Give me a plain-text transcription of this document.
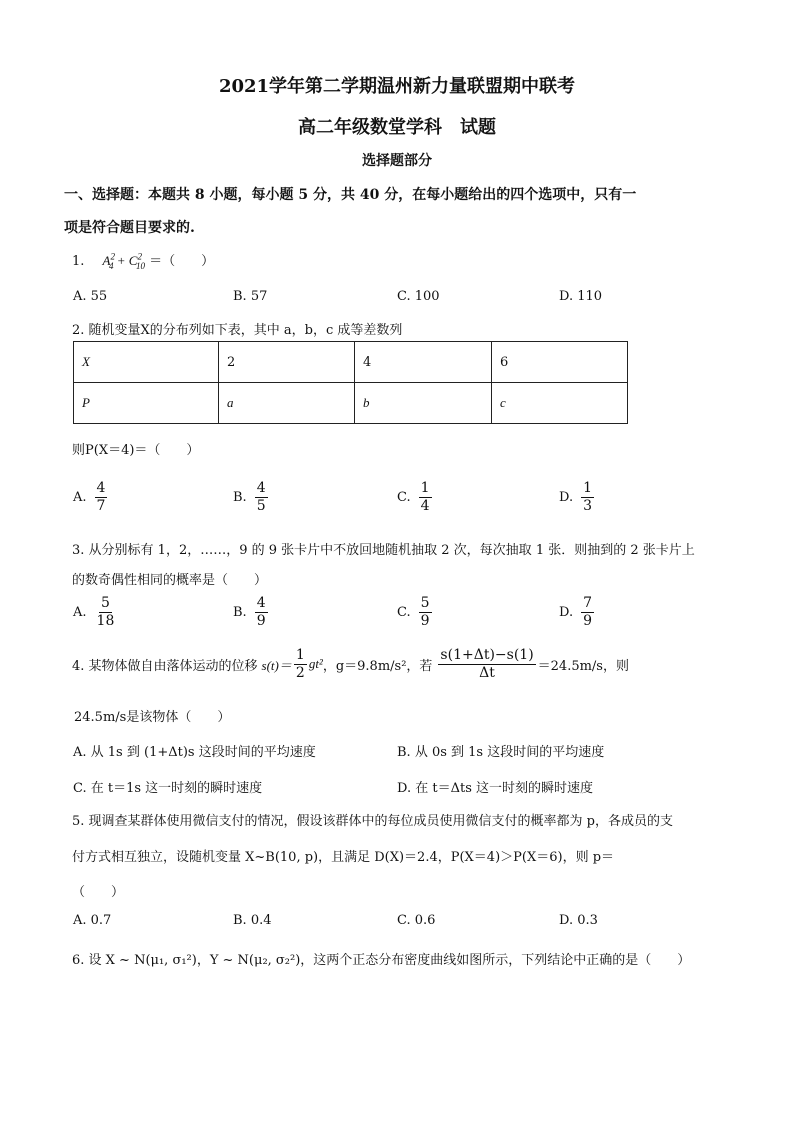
2021学年第二学期温州新力量联盟期中联考
高二年级数堂学科　试题
选择题部分
一、选择题：本题共 8 小题，每小题 5 分，共 40 分，在每小题给出的四个选项中，只有一
项是符合题目要求的.
1. $A^2_4 + C^2_{10}$ ＝（　　）
A. 55	B. 57	C. 100	D. 110
2. 随机变量X的分布列如下表，其中 a，b，c 成等差数列
X	2	4	6
P	a	b	c
则P(X＝4)＝（　　）
A. $\frac{4}{7}$	B. $\frac{4}{5}$	C. $\frac{1}{4}$	D. $\frac{1}{3}$
3. 从分别标有 1，2，……，9 的 9 张卡片中不放回地随机抽取 2 次，每次抽取 1 张．则抽到的 2 张卡片上
的数奇偶性相同的概率是（　　）
A. $\frac{5}{18}$	B. $\frac{4}{9}$	C. $\frac{5}{9}$	D. $\frac{7}{9}$
4. 某物体做自由落体运动的位移 $s(t)= \frac{1}{2} gt^2$ ，g＝9.8m/s²，若 $\frac{s(1+\Delta t)-s(1)}{\Delta t} =24.5m/s$，则
24.5m/s是该物体（　　）
A. 从 1s 到 (1+Δt)s 这段时间的平均速度	B. 从 0s 到 1s 这段时间的平均速度
C. 在 t＝1s 这一时刻的瞬时速度	D. 在 t＝Δts 这一时刻的瞬时速度
5. 现调查某群体使用微信支付的情况，假设该群体中的每位成员使用微信支付的概率都为 p，各成员的支
付方式相互独立，设随机变量 X~B(10, p)，且满足 D(X)＝2.4，P(X＝4)＞P(X＝6)，则 p＝
（　　）
A. 0.7	B. 0.4	C. 0.6	D. 0.3
6. 设 X ~ N(μ₁, σ₁²)，Y ~ N(μ₂, σ₂²)，这两个正态分布密度曲线如图所示，下列结论中正确的是（　　）
